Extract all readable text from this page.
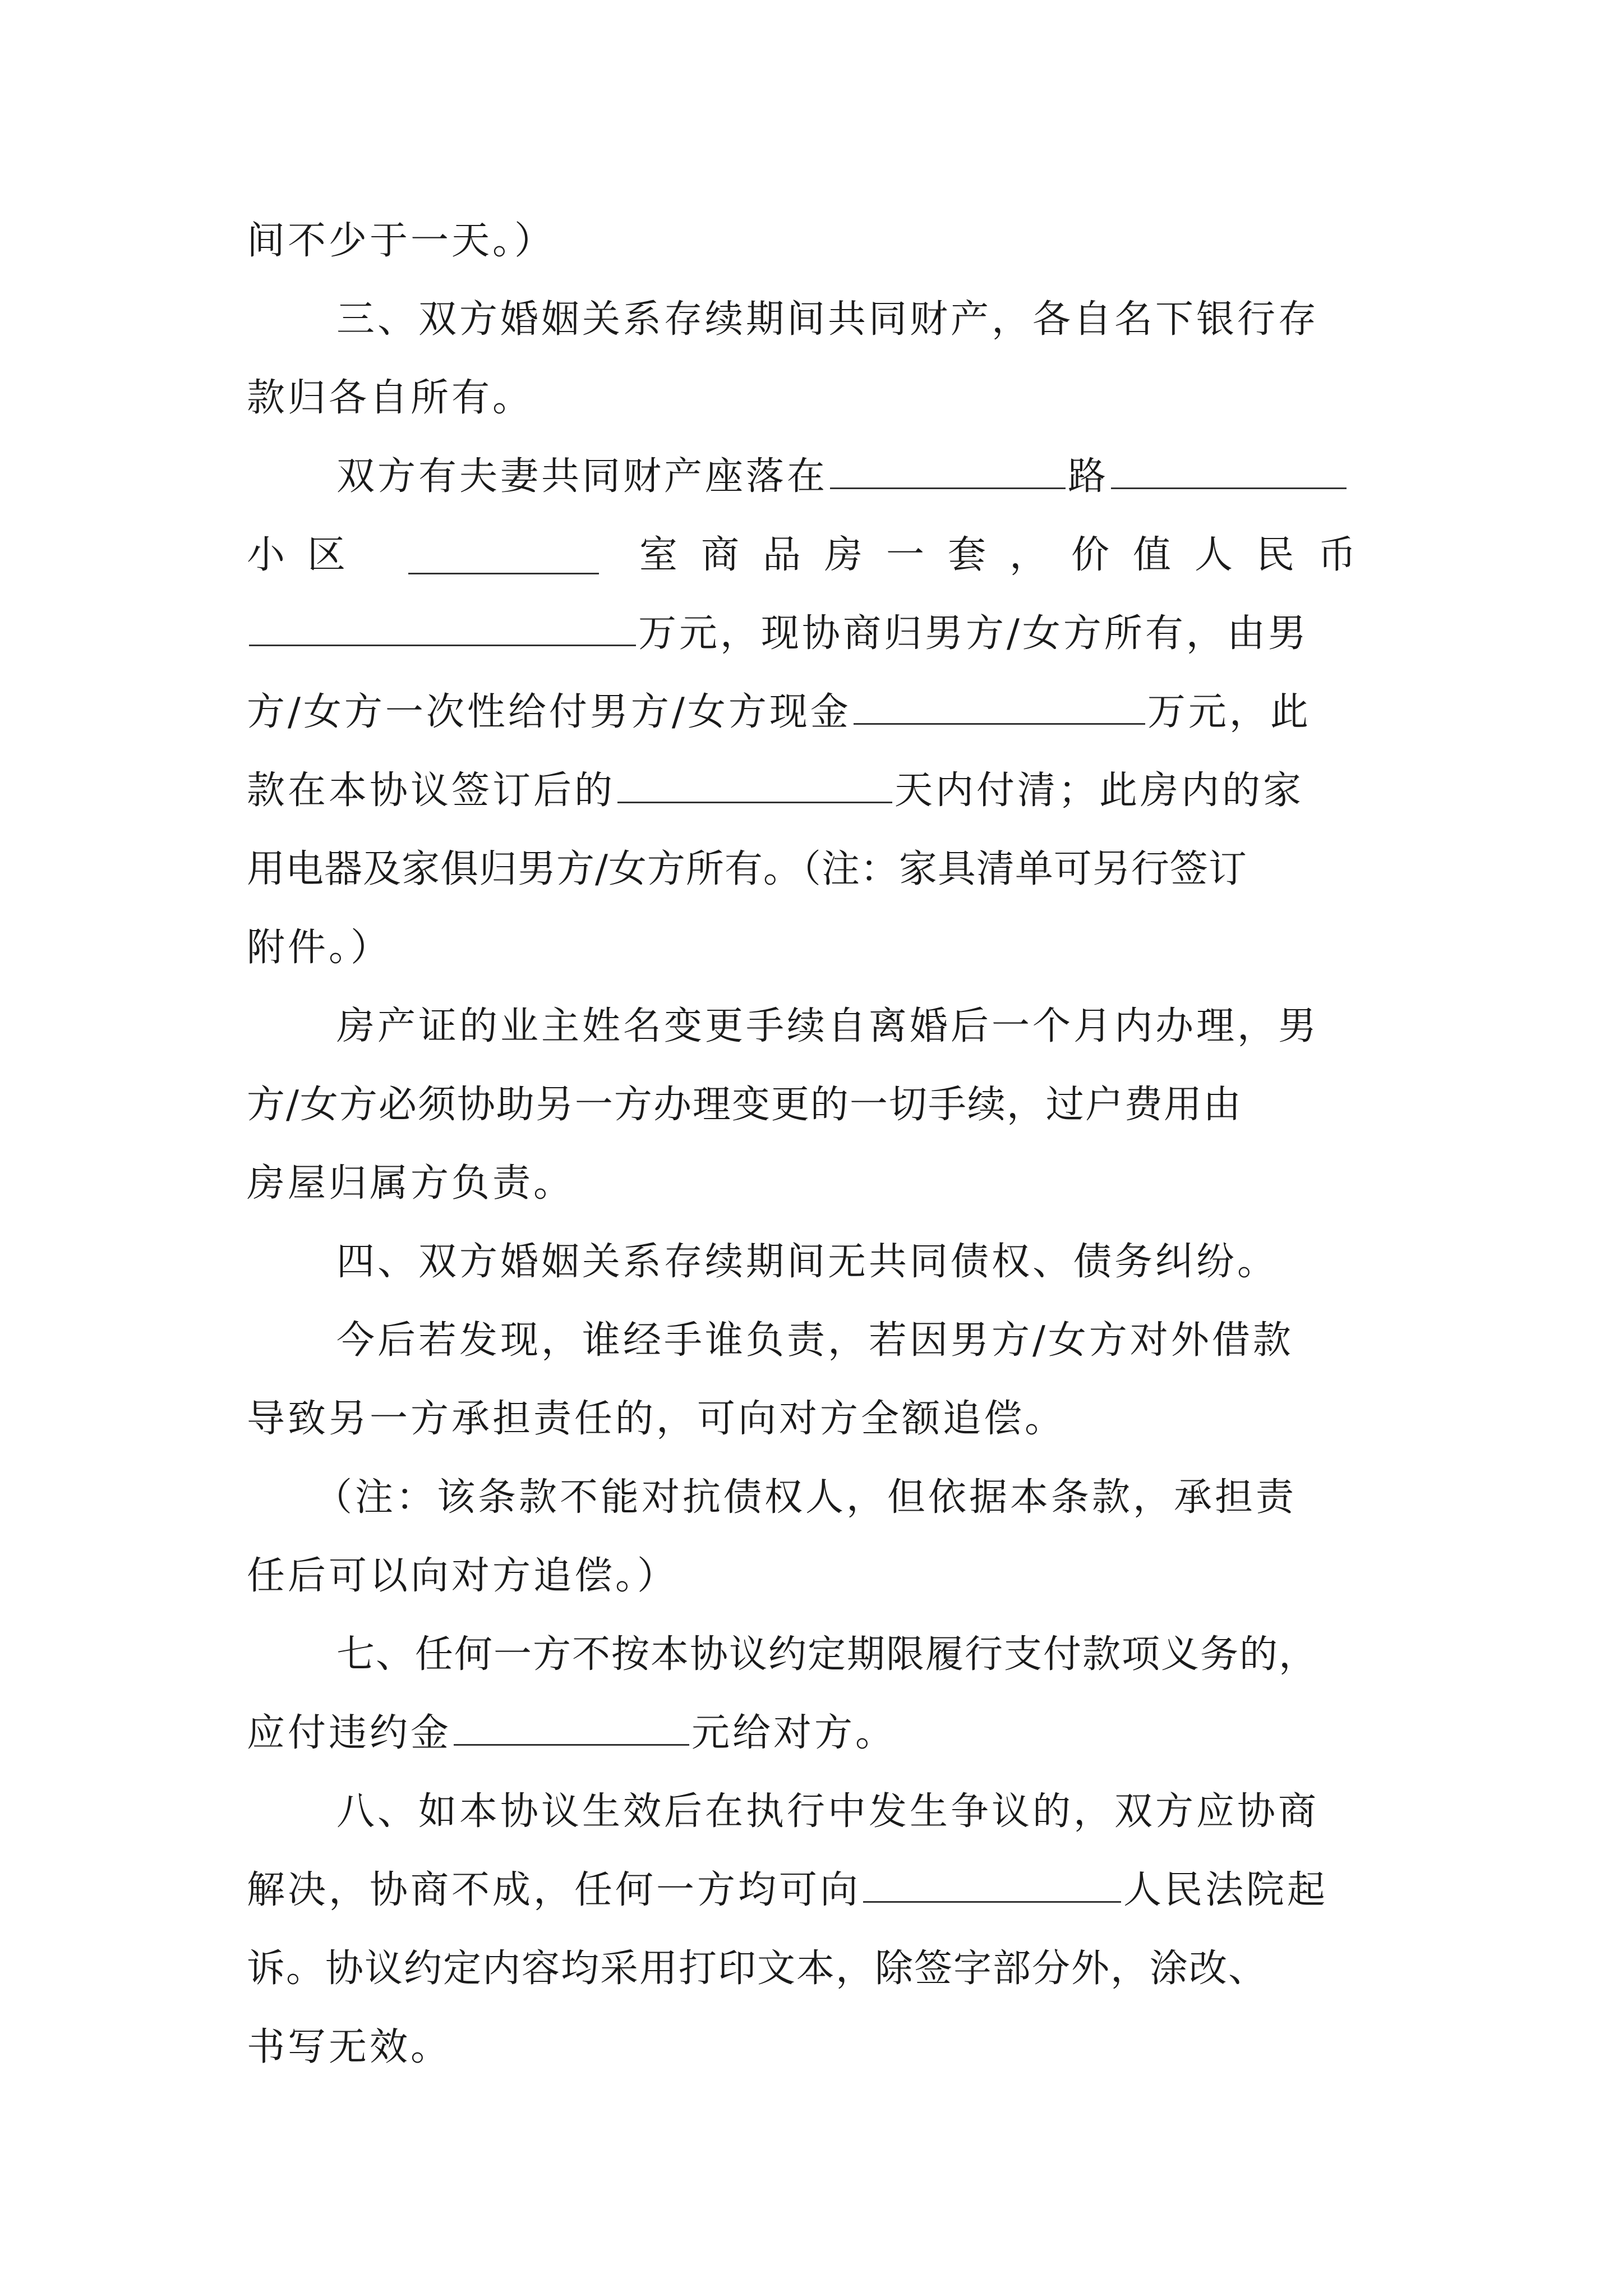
间不少于一天。）
三、双方婚姻关系存续期间共同财产，各自名下银行存
款归各自所有。
双方有夫妻共同财产座落在	路
小区	室商品房一套，价值人民币
万元，现协商归男方/女方所有，由男
方/女方一次性给付男方/女方现金	万元，此
款在本协议签订后的	天内付清；此房内的家
用电器及家俱归男方/女方所有。（注：家具清单可另行签订
附件。）
房产证的业主姓名变更手续自离婚后一个月内办理，男
方/女方必须协助另一方办理变更的一切手续，过户费用由
房屋归属方负责。
四、双方婚姻关系存续期间无共同债权、债务纠纷。
今后若发现，谁经手谁负责，若因男方/女方对外借款
导致另一方承担责任的，可向对方全额追偿。
（注：该条款不能对抗债权人，但依据本条款，承担责
任后可以向对方追偿。）
七、任何一方不按本协议约定期限履行支付款项义务的，
应付违约金	元给对方。
八、如本协议生效后在执行中发生争议的，双方应协商
解决，协商不成，任何一方均可向	人民法院起
诉。协议约定内容均采用打印文本，除签字部分外，涂改、
书写无效。
